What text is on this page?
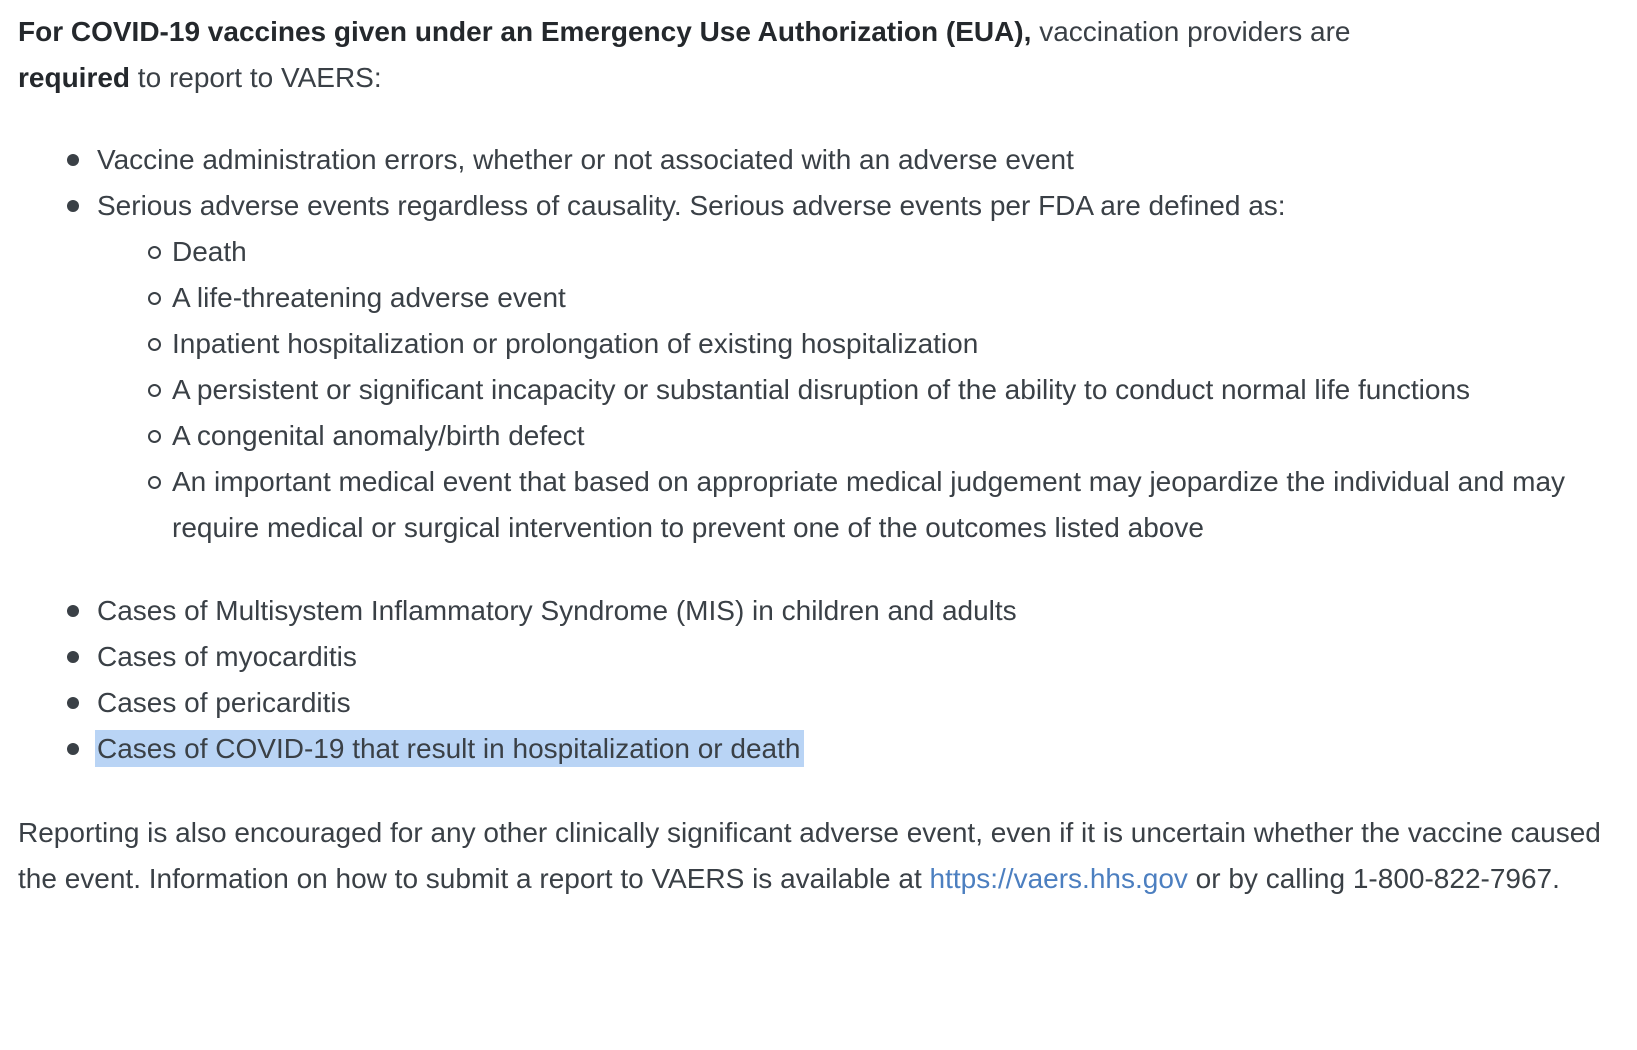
For COVID-19 vaccines given under an Emergency Use Authorization (EUA), vaccination providers are
required to report to VAERS:

Vaccine administration errors, whether or not associated with an adverse event
Serious adverse events regardless of causality. Serious adverse events per FDA are defined as:
Death
A life-threatening adverse event
Inpatient hospitalization or prolongation of existing hospitalization
A persistent or significant incapacity or substantial disruption of the ability to conduct normal life functions
A congenital anomaly/birth defect
An important medical event that based on appropriate medical judgement may jeopardize the individual and may require medical or surgical intervention to prevent one of the outcomes listed above
Cases of Multisystem Inflammatory Syndrome (MIS) in children and adults
Cases of myocarditis
Cases of pericarditis
Cases of COVID-19 that result in hospitalization or death

Reporting is also encouraged for any other clinically significant adverse event, even if it is uncertain whether the vaccine caused the event. Information on how to submit a report to VAERS is available at https://vaers.hhs.gov or by calling 1-800-822-7967.
